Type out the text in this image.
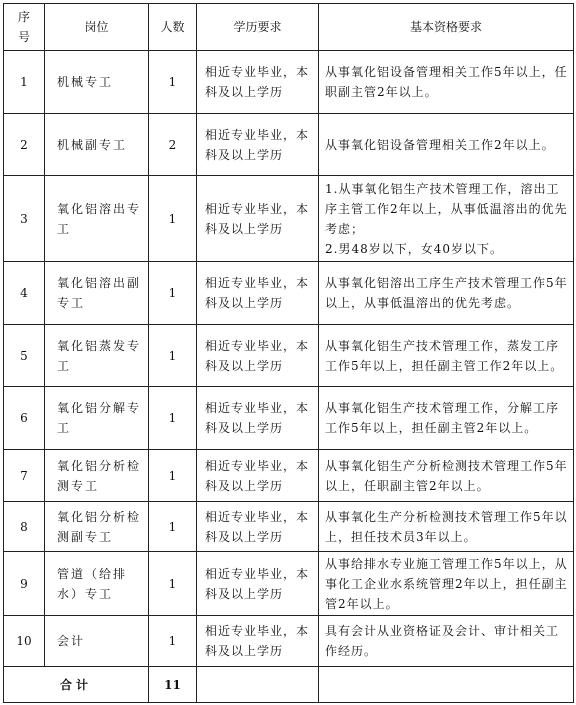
序号	岗位	人数	学历要求	基本资格要求
1	机械专工	1	相近专业毕业，本科及以上学历	从事氧化铝设备管理相关工作5年以上，任职副主管2年以上。
2	机械副专工	2	相近专业毕业，本科及以上学历	从事氧化铝设备管理相关工作2年以上。
3	氧化铝溶出专工	1	相近专业毕业，本科及以上学历	1.从事氧化铝生产技术管理工作，溶出工序主管工作2年以上，从事低温溶出的优先考虑；
2.男48岁以下，女40岁以下。
4	氧化铝溶出副专工	1	相近专业毕业，本科及以上学历	从事氧化铝溶出工序生产技术管理工作5年以上，从事低温溶出的优先考虑。
5	氧化铝蒸发专工	1	相近专业毕业，本科及以上学历	从事氧化铝生产技术管理工作，蒸发工序工作5年以上，担任副主管工作2年以上。
6	氧化铝分解专工	1	相近专业毕业，本科及以上学历	从事氧化铝生产技术管理工作，分解工序工作5年以上，担任副主管2年以上。
7	氧化铝分析检测专工	1	相近专业毕业，本科及以上学历	从事氧化铝生产分析检测技术管理工作5年以上，任职副主管2年以上。
8	氧化铝分析检测副专工	1	相近专业毕业，本科及以上学历	从事氧化生产分析检测技术管理工作5年以上，担任技术员3年以上。
9	管道（给排水）专工	1	相近专业毕业，本科及以上学历	从事给排水专业施工管理工作5年以上，从事化工企业水系统管理2年以上，担任副主管2年以上。
10	会计	1	相近专业毕业，本科及以上学历	具有会计从业资格证及会计、审计相关工作经历。
合计		11		
